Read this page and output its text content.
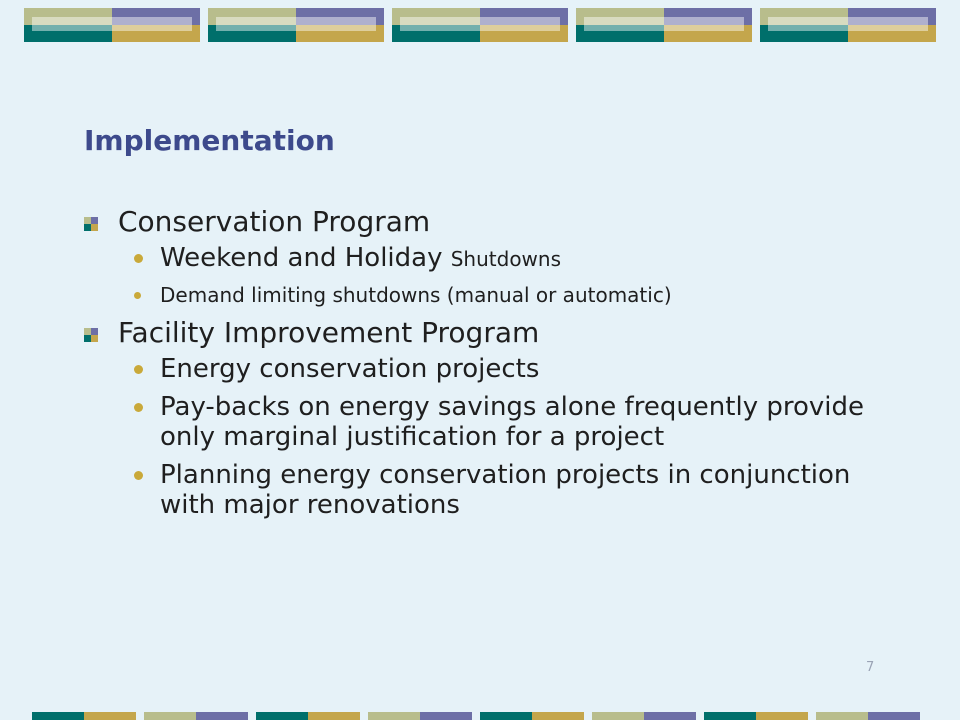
Implementation
Conservation Program
Weekend and Holiday Shutdowns
Demand limiting shutdowns (manual or automatic)
Facility Improvement Program
Energy conservation projects
Pay-backs on energy savings alone frequently provide only marginal justification for a project
Planning energy conservation projects in conjunction with major renovations
7
